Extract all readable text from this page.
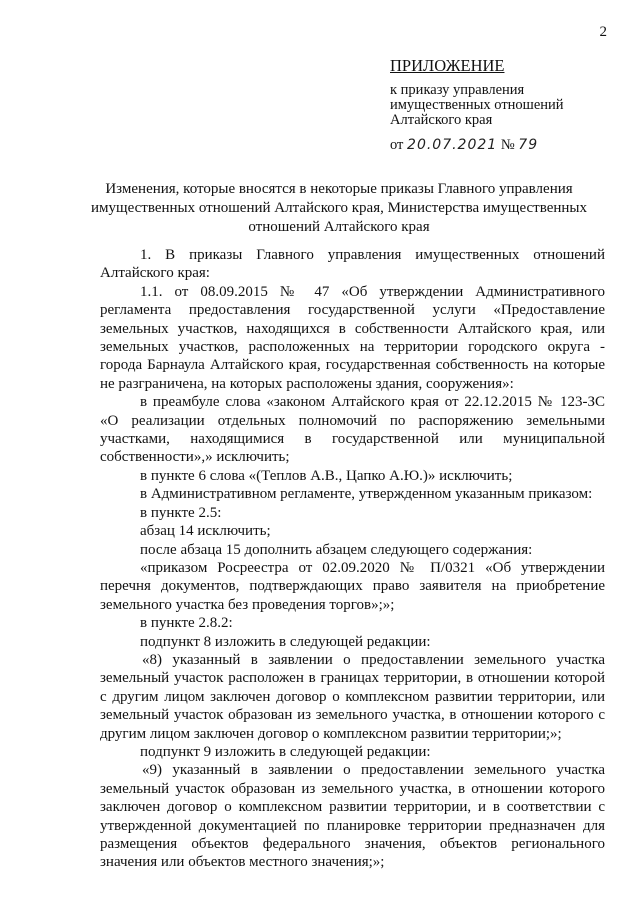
2
ПРИЛОЖЕНИЕ
к приказу управления
имущественных отношений
Алтайского края
от 20.07.2021 № 79
Изменения, которые вносятся в некоторые приказы Главного управления имущественных отношений Алтайского края, Министерства имущественных отношений Алтайского края

1. В приказы Главного управления имущественных отношений Алтайского края:

1.1. от 08.09.2015 № 47 «Об утверждении Административного регламента предоставления государственной услуги «Предоставление земельных участков, находящихся в собственности Алтайского края, или земельных участков, расположенных на территории городского округа - города Барнаула Алтайского края, государственная собственность на которые не разграничена, на которых расположены здания, сооружения»:

в преамбуле слова «законом Алтайского края от 22.12.2015 № 123-ЗС «О реализации отдельных полномочий по распоряжению земельными участками, находящимися в государственной или муниципальной собственности»,» исключить;

в пункте 6 слова «(Теплов А.В., Цапко А.Ю.)» исключить;

в Административном регламенте, утвержденном указанным приказом:

в пункте 2.5:

абзац 14 исключить;

после абзаца 15 дополнить абзацем следующего содержания:

«приказом Росреестра от 02.09.2020 № П/0321 «Об утверждении перечня документов, подтверждающих право заявителя на приобретение земельного участка без проведения торгов»;»;

в пункте 2.8.2:

подпункт 8 изложить в следующей редакции:

«8) указанный в заявлении о предоставлении земельного участка земельный участок расположен в границах территории, в отношении которой с другим лицом заключен договор о комплексном развитии территории, или земельный участок образован из земельного участка, в отношении которого с другим лицом заключен договор о комплексном развитии территории;»;

подпункт 9 изложить в следующей редакции:

«9) указанный в заявлении о предоставлении земельного участка земельный участок образован из земельного участка, в отношении которого заключен договор о комплексном развитии территории, и в соответствии с утвержденной документацией по планировке территории предназначен для размещения объектов федерального значения, объектов регионального значения или объектов местного значения;»;
